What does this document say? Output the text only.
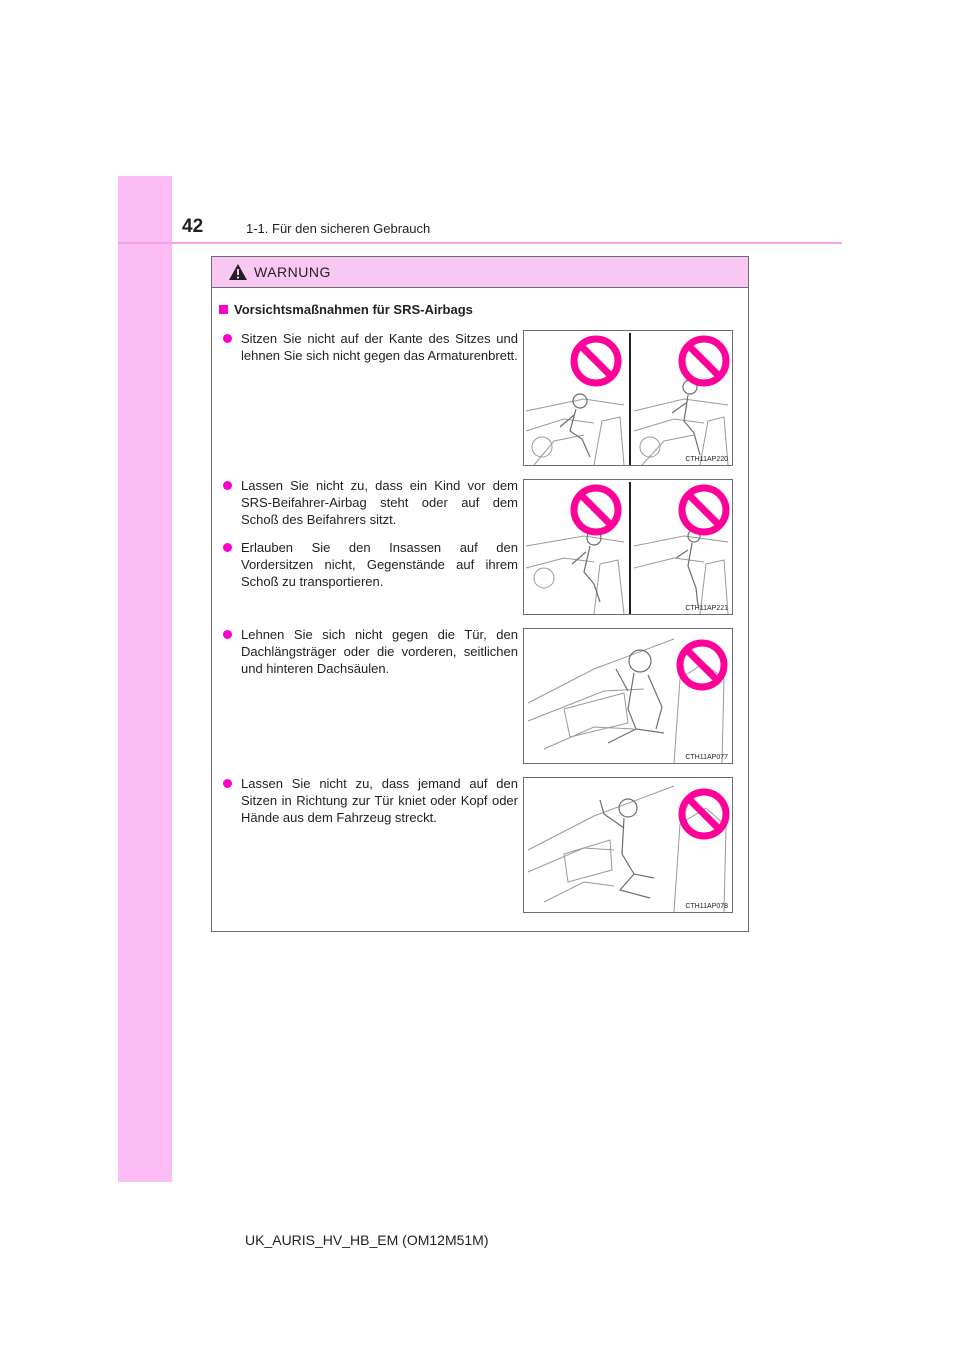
42	1-1. Für den sicheren Gebrauch
WARNUNG
Vorsichtsmaßnahmen für SRS-Airbags
Sitzen Sie nicht auf der Kante des Sitzes und lehnen Sie sich nicht gegen das Armaturenbrett.
Lassen Sie nicht zu, dass ein Kind vor dem SRS-Beifahrer-Airbag steht oder auf dem Schoß des Beifahrers sitzt.
Erlauben Sie den Insassen auf den Vordersitzen nicht, Gegenstände auf ihrem Schoß zu transportieren.
Lehnen Sie sich nicht gegen die Tür, den Dachlängsträger oder die vorderen, seitlichen und hinteren Dachsäulen.
Lassen Sie nicht zu, dass jemand auf den Sitzen in Richtung zur Tür kniet oder Kopf oder Hände aus dem Fahrzeug streckt.
CTH11AP220
CTH11AP221
CTH11AP077
CTH11AP078
UK_AURIS_HV_HB_EM (OM12M51M)
